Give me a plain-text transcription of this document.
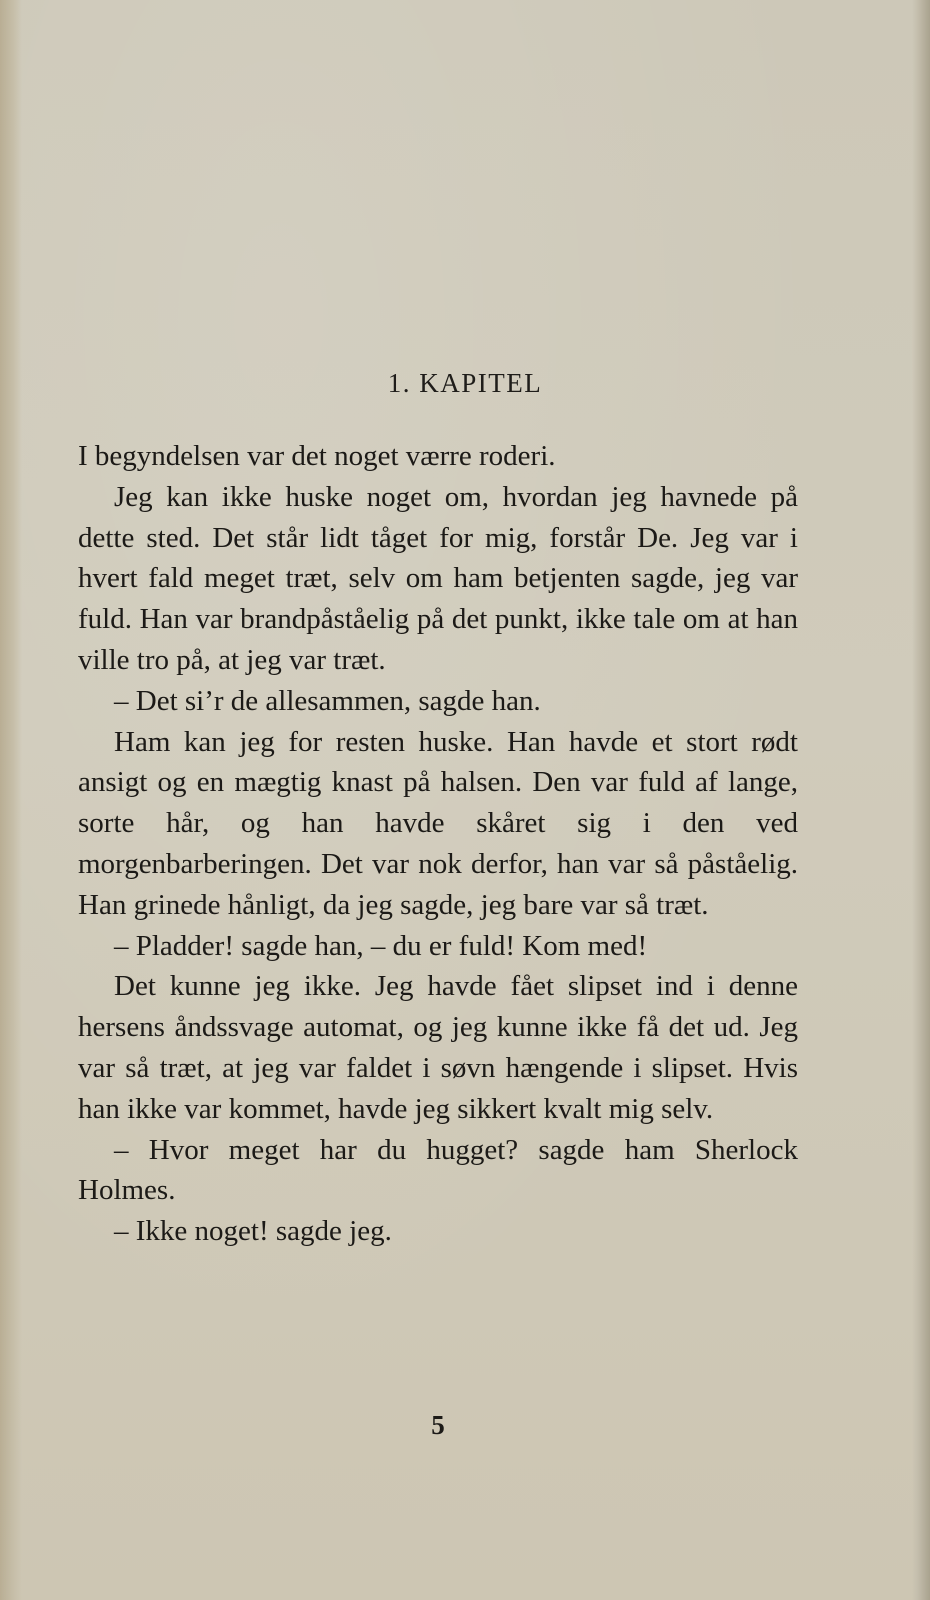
1. KAPITEL

I begyndelsen var det noget værre roderi.

Jeg kan ikke huske noget om, hvordan jeg havnede på dette sted. Det står lidt tåget for mig, forstår De. Jeg var i hvert fald meget træt, selv om ham betjenten sagde, jeg var fuld. Han var brandpåståelig på det punkt, ikke tale om at han ville tro på, at jeg var træt.

– Det si’r de allesammen, sagde han.

Ham kan jeg for resten huske. Han havde et stort rødt ansigt og en mægtig knast på halsen. Den var fuld af lange, sorte hår, og han havde skåret sig i den ved morgenbarberingen. Det var nok derfor, han var så påståelig. Han grinede hånligt, da jeg sagde, jeg bare var så træt.

– Pladder! sagde han, – du er fuld! Kom med!

Det kunne jeg ikke. Jeg havde fået slipset ind i denne hersens åndssvage automat, og jeg kunne ikke få det ud. Jeg var så træt, at jeg var faldet i søvn hængende i slipset. Hvis han ikke var kommet, havde jeg sikkert kvalt mig selv.

– Hvor meget har du hugget? sagde ham Sherlock Holmes.

– Ikke noget! sagde jeg.

5
